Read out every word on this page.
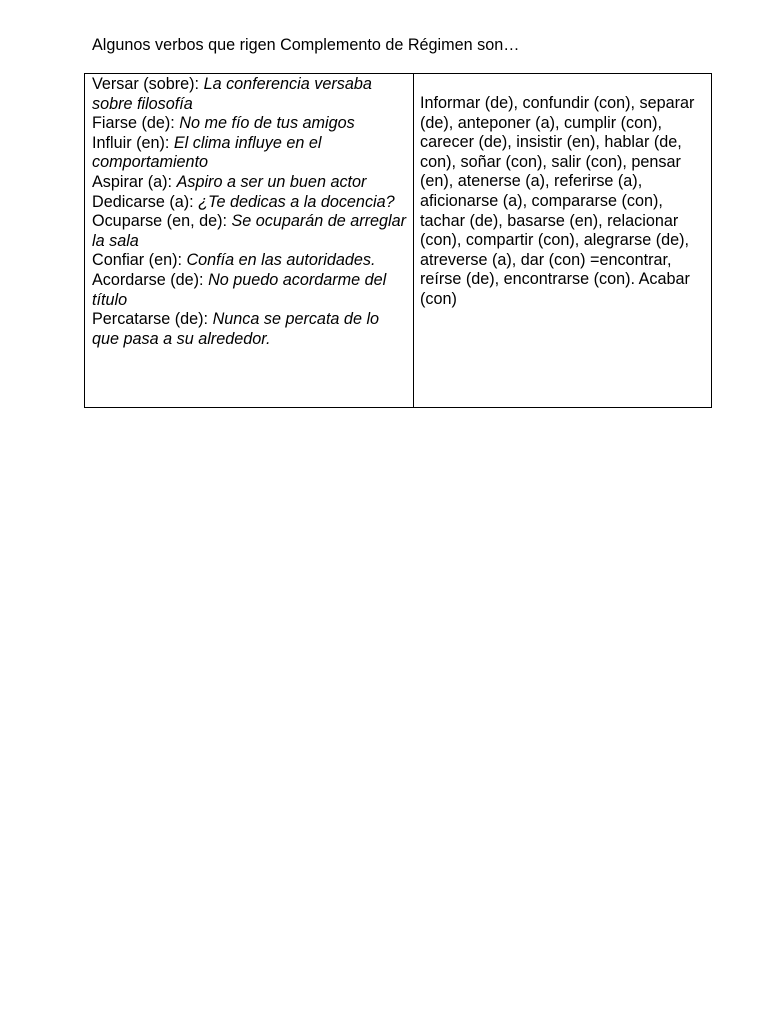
Algunos verbos que rigen Complemento de Régimen son…
Versar (sobre): La conferencia versaba sobre filosofía
Fiarse (de): No me fío de tus amigos
Influir (en): El clima influye en el comportamiento
Aspirar (a): Aspiro a ser un buen actor
Dedicarse (a): ¿Te dedicas a la docencia?
Ocuparse (en, de): Se ocuparán de arreglar la sala
Confiar (en): Confía en las autoridades.
Acordarse (de): No puedo acordarme del título
Percatarse (de): Nunca se percata de lo que pasa a su alrededor.

Informar (de), confundir (con), separar (de), anteponer (a), cumplir (con), carecer (de), insistir (en), hablar (de, con), soñar (con), salir (con), pensar (en), atenerse (a), referirse (a), aficionarse (a), compararse (con), tachar (de), basarse (en), relacionar (con), compartir (con), alegrarse (de), atreverse (a), dar (con) =encontrar, reírse (de), encontrarse (con). Acabar (con)
